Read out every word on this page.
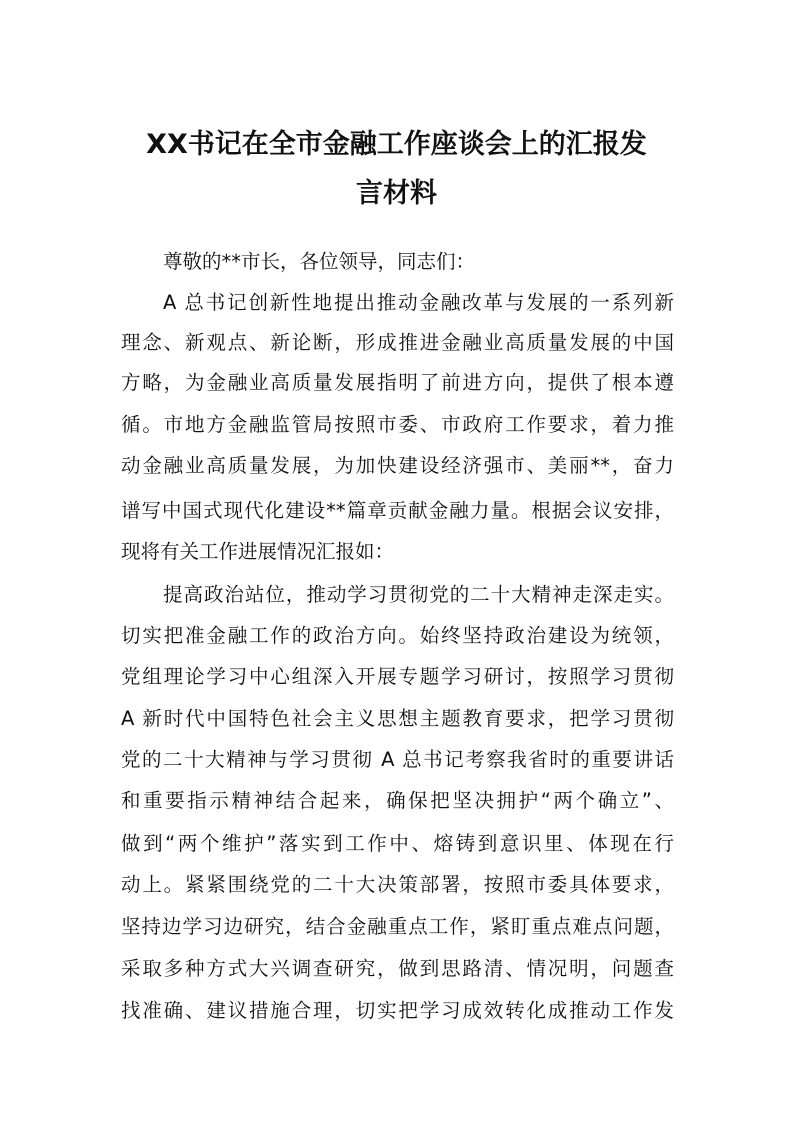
XX书记在全市金融工作座谈会上的汇报发
言材料
尊敬的**市长，各位领导，同志们：
A 总书记创新性地提出推动金融改革与发展的一系列新
理念、新观点、新论断，形成推进金融业高质量发展的中国
方略，为金融业高质量发展指明了前进方向，提供了根本遵
循。市地方金融监管局按照市委、市政府工作要求，着力推
动金融业高质量发展，为加快建设经济强市、美丽**，奋力
谱写中国式现代化建设**篇章贡献金融力量。根据会议安排，
现将有关工作进展情况汇报如：
提高政治站位，推动学习贯彻党的二十大精神走深走实。
切实把准金融工作的政治方向。始终坚持政治建设为统领，
党组理论学习中心组深入开展专题学习研讨，按照学习贯彻
A 新时代中国特色社会主义思想主题教育要求，把学习贯彻
党的二十大精神与学习贯彻 A 总书记考察我省时的重要讲话
和重要指示精神结合起来，确保把坚决拥护“两个确立”、
做到“两个维护”落实到工作中、熔铸到意识里、体现在行
动上。紧紧围绕党的二十大决策部署，按照市委具体要求，
坚持边学习边研究，结合金融重点工作，紧盯重点难点问题，
采取多种方式大兴调查研究，做到思路清、情况明，问题查
找准确、建议措施合理，切实把学习成效转化成推动工作发
